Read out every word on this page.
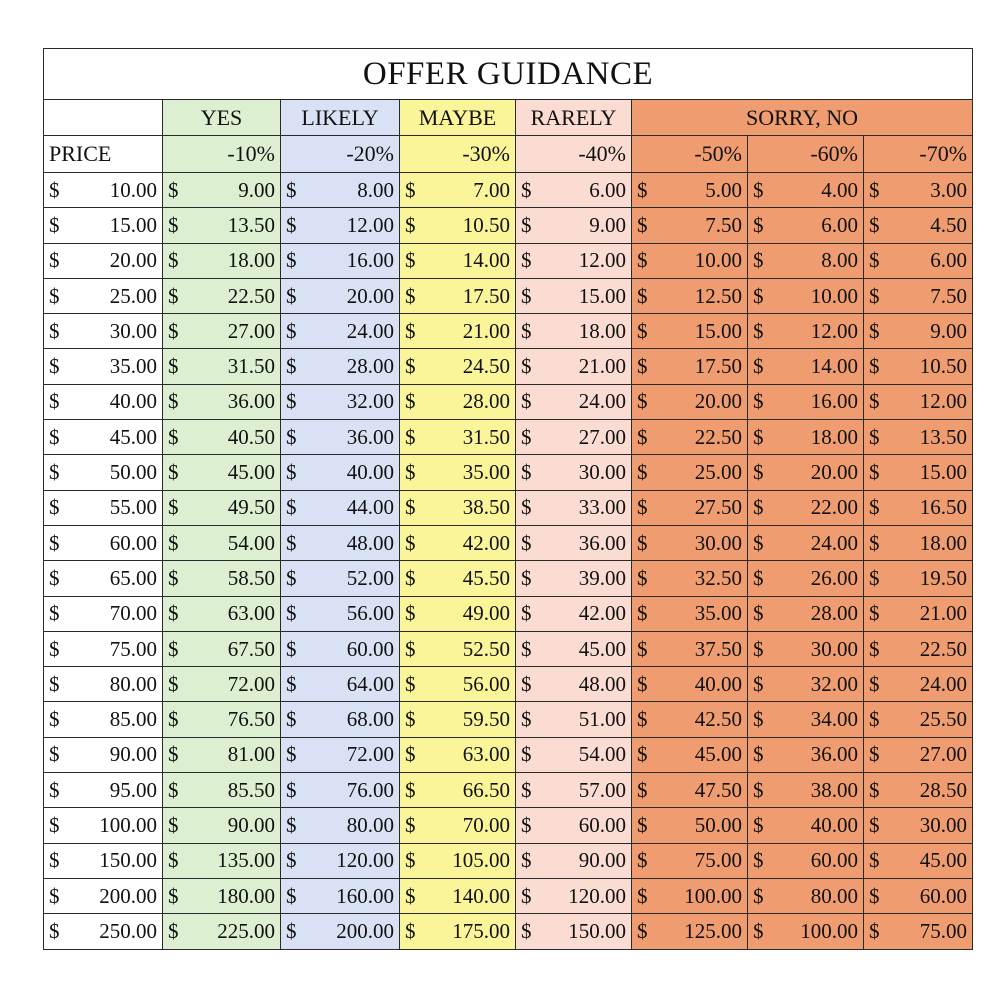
OFFER GUIDANCE							
	YES	LIKELY	MAYBE	RARELY	SORRY, NO		
PRICE	-10%	-20%	-30%	-40%	-50%	-60%	-70%

$ 10.00	$ 9.00	$ 8.00	$ 7.00	$ 6.00	$ 5.00	$ 4.00	$ 3.00

$ 15.00	$ 13.50	$ 12.00	$ 10.50	$ 9.00	$ 7.50	$ 6.00	$ 4.50

$ 20.00	$ 18.00	$ 16.00	$ 14.00	$ 12.00	$ 10.00	$ 8.00	$ 6.00

$ 25.00	$ 22.50	$ 20.00	$ 17.50	$ 15.00	$ 12.50	$ 10.00	$ 7.50

$ 30.00	$ 27.00	$ 24.00	$ 21.00	$ 18.00	$ 15.00	$ 12.00	$ 9.00

$ 35.00	$ 31.50	$ 28.00	$ 24.50	$ 21.00	$ 17.50	$ 14.00	$ 10.50

$ 40.00	$ 36.00	$ 32.00	$ 28.00	$ 24.00	$ 20.00	$ 16.00	$ 12.00

$ 45.00	$ 40.50	$ 36.00	$ 31.50	$ 27.00	$ 22.50	$ 18.00	$ 13.50

$ 50.00	$ 45.00	$ 40.00	$ 35.00	$ 30.00	$ 25.00	$ 20.00	$ 15.00

$ 55.00	$ 49.50	$ 44.00	$ 38.50	$ 33.00	$ 27.50	$ 22.00	$ 16.50

$ 60.00	$ 54.00	$ 48.00	$ 42.00	$ 36.00	$ 30.00	$ 24.00	$ 18.00

$ 65.00	$ 58.50	$ 52.00	$ 45.50	$ 39.00	$ 32.50	$ 26.00	$ 19.50

$ 70.00	$ 63.00	$ 56.00	$ 49.00	$ 42.00	$ 35.00	$ 28.00	$ 21.00

$ 75.00	$ 67.50	$ 60.00	$ 52.50	$ 45.00	$ 37.50	$ 30.00	$ 22.50

$ 80.00	$ 72.00	$ 64.00	$ 56.00	$ 48.00	$ 40.00	$ 32.00	$ 24.00

$ 85.00	$ 76.50	$ 68.00	$ 59.50	$ 51.00	$ 42.50	$ 34.00	$ 25.50

$ 90.00	$ 81.00	$ 72.00	$ 63.00	$ 54.00	$ 45.00	$ 36.00	$ 27.00

$ 95.00	$ 85.50	$ 76.00	$ 66.50	$ 57.00	$ 47.50	$ 38.00	$ 28.50

$ 100.00	$ 90.00	$ 80.00	$ 70.00	$ 60.00	$ 50.00	$ 40.00	$ 30.00

$ 150.00	$ 135.00	$ 120.00	$ 105.00	$ 90.00	$ 75.00	$ 60.00	$ 45.00

$ 200.00	$ 180.00	$ 160.00	$ 140.00	$ 120.00	$ 100.00	$ 80.00	$ 60.00

$ 250.00	$ 225.00	$ 200.00	$ 175.00	$ 150.00	$ 125.00	$ 100.00	$ 75.00
